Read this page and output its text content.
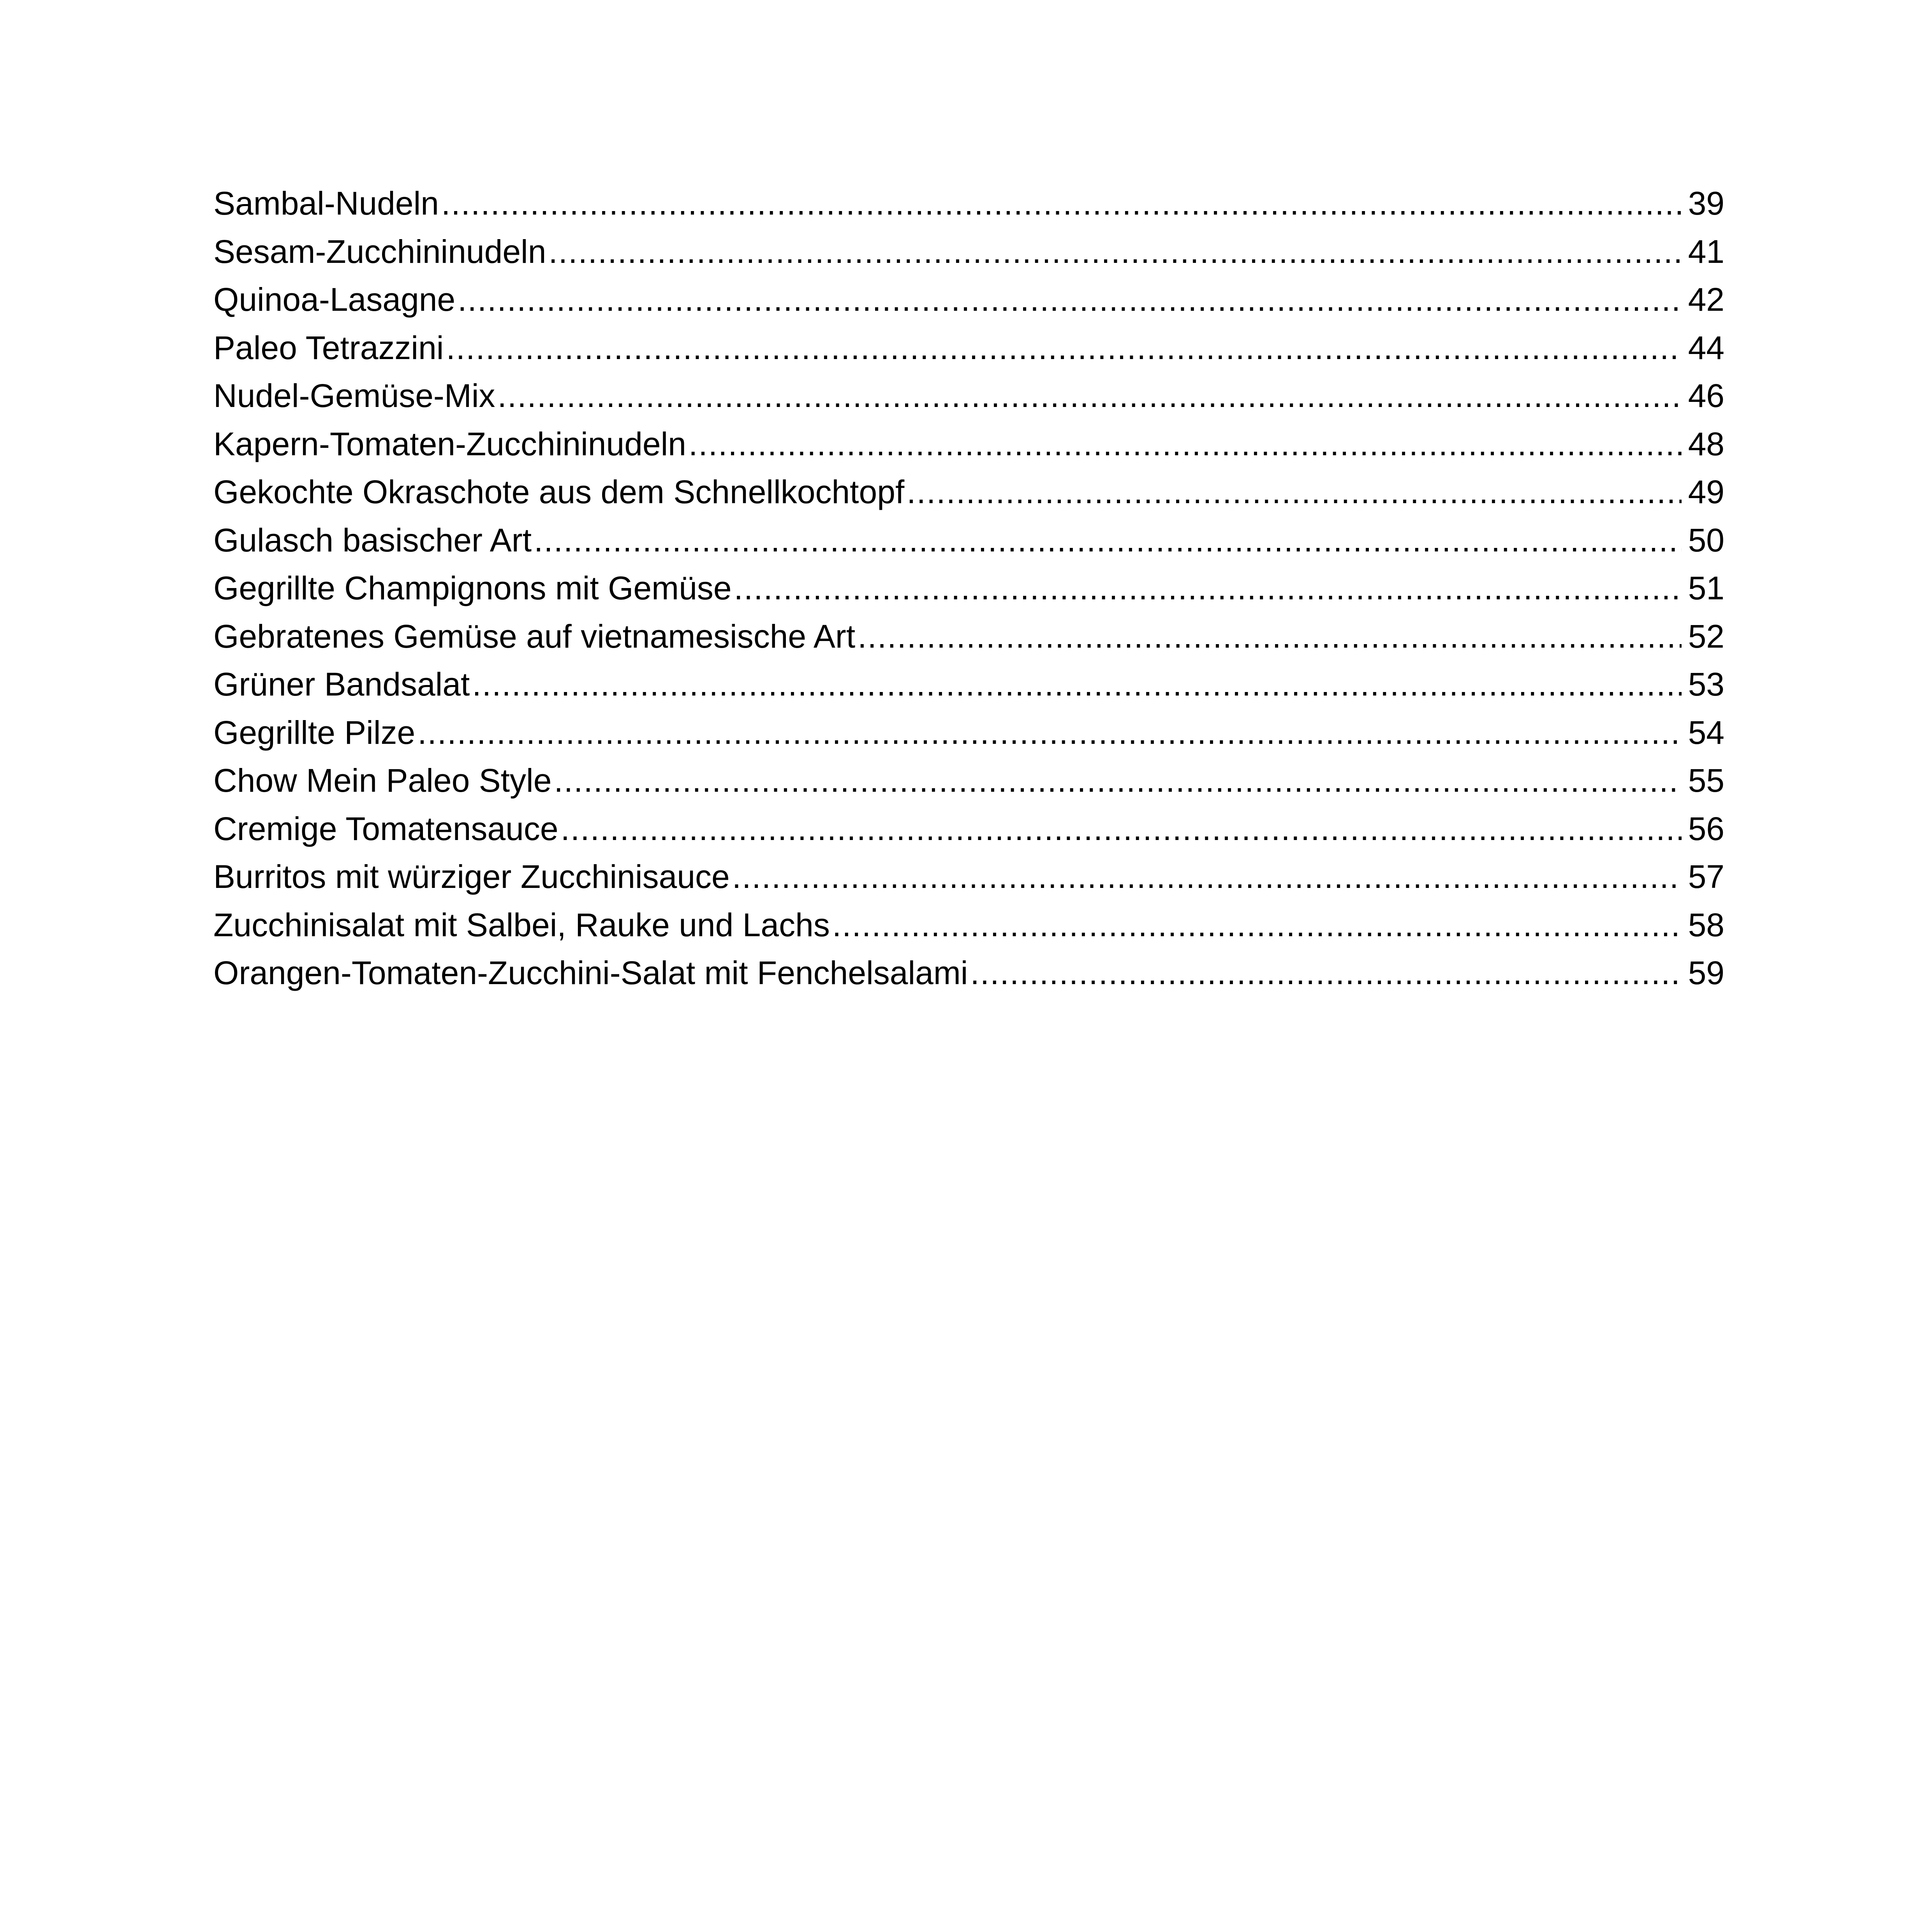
Sambal-Nudeln .....	39
Sesam-Zucchininudeln .....	41
Quinoa-Lasagne .....	42
Paleo Tetrazzini .....	44
Nudel-Gemüse-Mix .....	46
Kapern-Tomaten-Zucchininudeln .....	48
Gekochte Okraschote aus dem Schnellkochtopf .....	49
Gulasch basischer Art .....	50
Gegrillte Champignons mit Gemüse .....	51
Gebratenes Gemüse auf vietnamesische Art .....	52
Grüner Bandsalat .....	53
Gegrillte Pilze .....	54
Chow Mein Paleo Style .....	55
Cremige Tomatensauce .....	56
Burritos mit würziger Zucchinisauce .....	57
Zucchinisalat mit Salbei, Rauke und Lachs .....	58
Orangen-Tomaten-Zucchini-Salat mit Fenchelsalami .....	59
